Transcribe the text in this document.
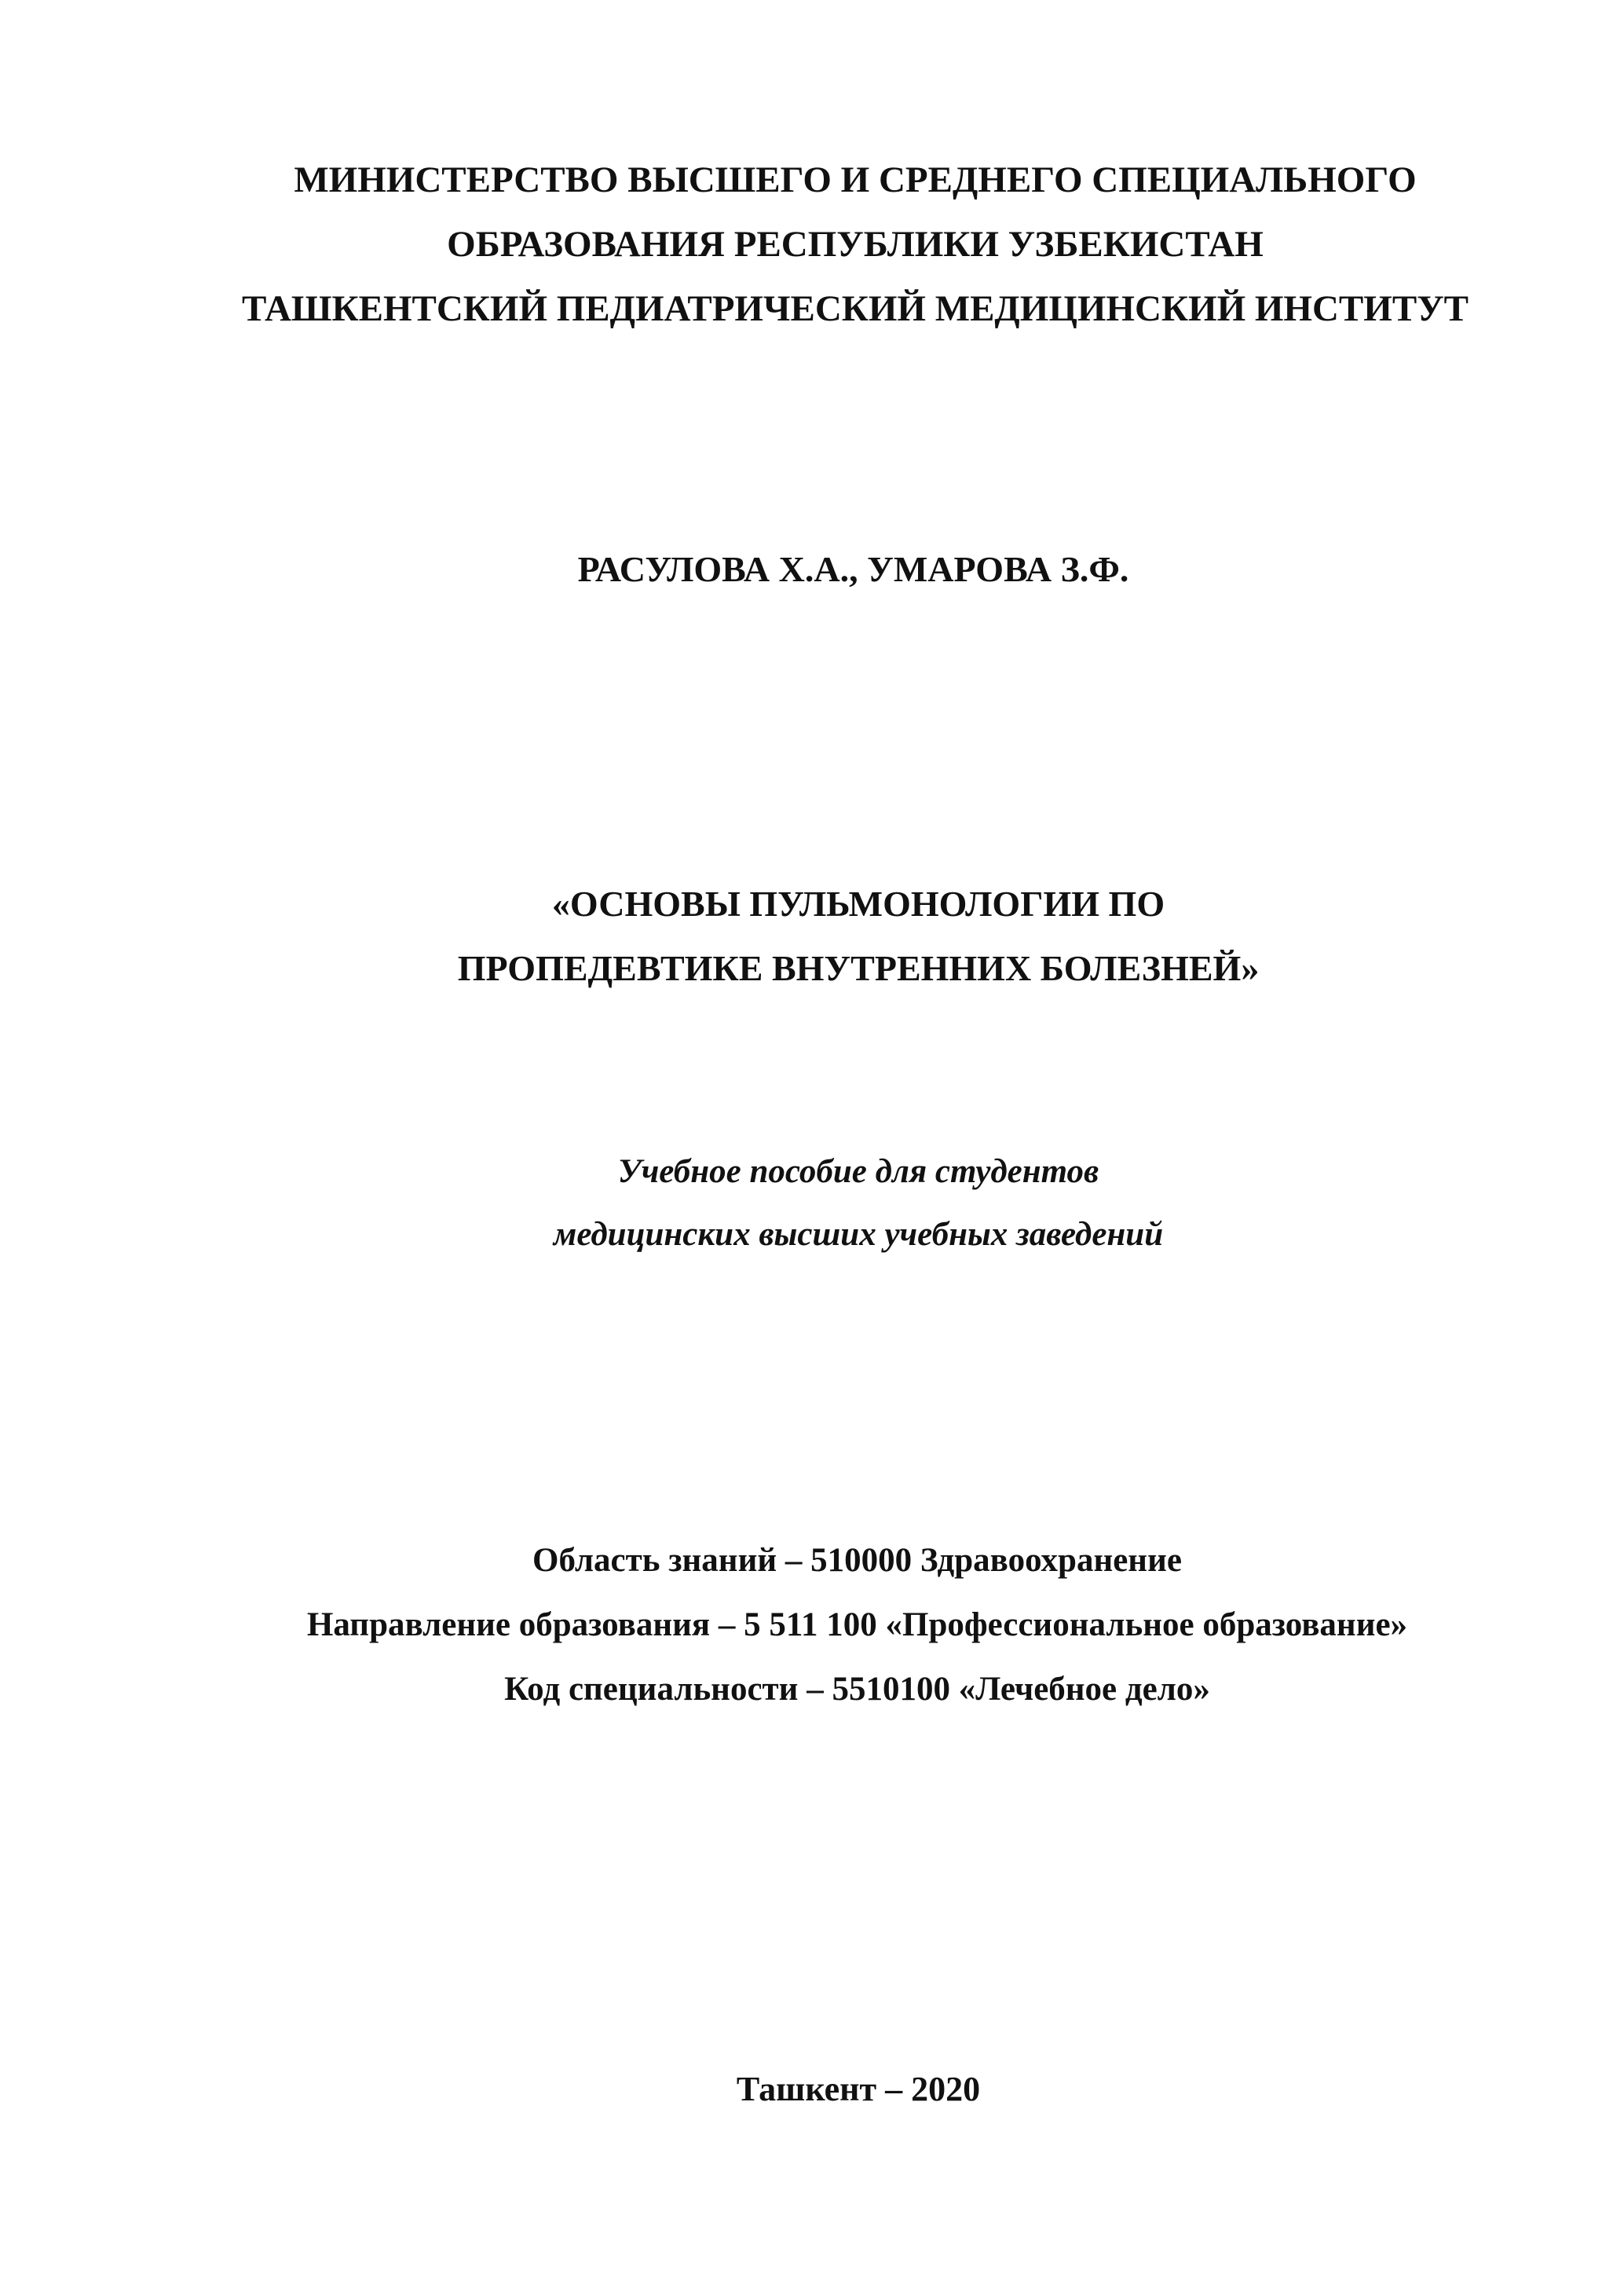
МИНИСТЕРСТВО ВЫСШЕГО И СРЕДНЕГО СПЕЦИАЛЬНОГО
ОБРАЗОВАНИЯ РЕСПУБЛИКИ УЗБЕКИСТАН
ТАШКЕНТСКИЙ ПЕДИАТРИЧЕСКИЙ МЕДИЦИНСКИЙ ИНСТИТУТ
РАСУЛОВА Х.А., УМАРОВА З.Ф.
«ОСНОВЫ ПУЛЬМОНОЛОГИИ ПО
ПРОПЕДЕВТИКЕ ВНУТРЕННИХ БОЛЕЗНЕЙ»
Учебное пособие для студентов
медицинских высших учебных заведений
Область знаний – 510000 Здравоохранение
Направление образования – 5 511 100 «Профессиональное образование»
Код специальности – 5510100 «Лечебное дело»
Ташкент – 2020
